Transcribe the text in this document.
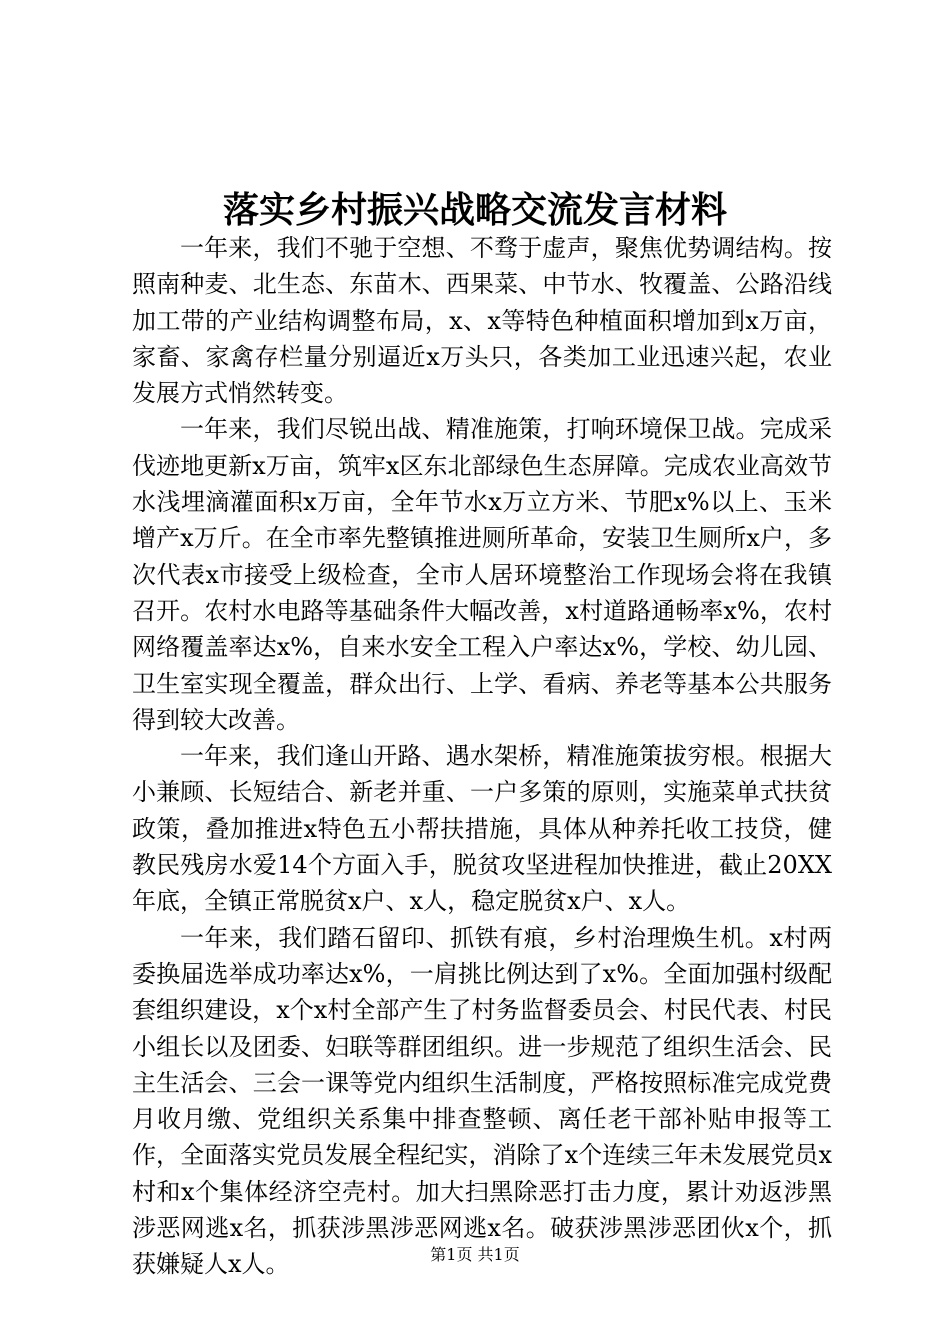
落实乡村振兴战略交流发言材料

一年来，我们不驰于空想、不骛于虚声，聚焦优势调结构。按照南种麦、北生态、东苗木、西果菜、中节水、牧覆盖、公路沿线加工带的产业结构调整布局，x、x等特色种植面积增加到x万亩，家畜、家禽存栏量分别逼近x万头只，各类加工业迅速兴起，农业发展方式悄然转变。

一年来，我们尽锐出战、精准施策，打响环境保卫战。完成采伐迹地更新x万亩，筑牢x区东北部绿色生态屏障。完成农业高效节水浅埋滴灌面积x万亩，全年节水x万立方米、节肥x%以上、玉米增产x万斤。在全市率先整镇推进厕所革命，安装卫生厕所x户，多次代表x市接受上级检查，全市人居环境整治工作现场会将在我镇召开。农村水电路等基础条件大幅改善，x村道路通畅率x%，农村网络覆盖率达x%，自来水安全工程入户率达x%，学校、幼儿园、卫生室实现全覆盖，群众出行、上学、看病、养老等基本公共服务得到较大改善。

一年来，我们逢山开路、遇水架桥，精准施策拔穷根。根据大小兼顾、长短结合、新老并重、一户多策的原则，实施菜单式扶贫政策，叠加推进x特色五小帮扶措施，具体从种养托收工技贷，健教民残房水爱14个方面入手，脱贫攻坚进程加快推进，截止20XX年底，全镇正常脱贫x户、x人，稳定脱贫x户、x人。

一年来，我们踏石留印、抓铁有痕，乡村治理焕生机。x村两委换届选举成功率达x%，一肩挑比例达到了x%。全面加强村级配套组织建设，x个x村全部产生了村务监督委员会、村民代表、村民小组长以及团委、妇联等群团组织。进一步规范了组织生活会、民主生活会、三会一课等党内组织生活制度，严格按照标准完成党费月收月缴、党组织关系集中排查整顿、离任老干部补贴申报等工作，全面落实党员发展全程纪实，消除了x个连续三年未发展党员x村和x个集体经济空壳村。加大扫黑除恶打击力度，累计劝返涉黑涉恶网逃x名，抓获涉黑涉恶网逃x名。破获涉黑涉恶团伙x个，抓获嫌疑人x人。	第1页 共1页
